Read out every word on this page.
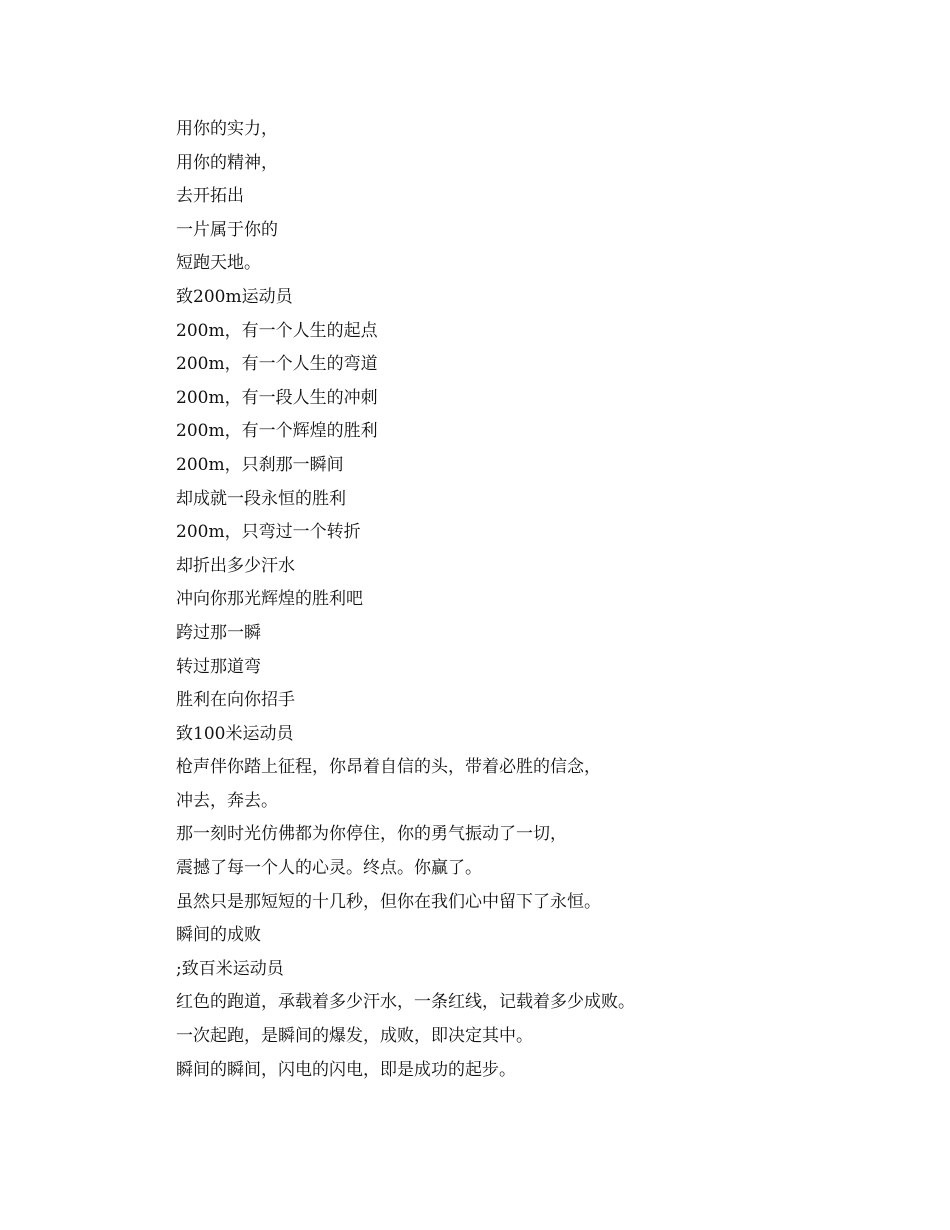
用你的实力，
用你的精神，
去开拓出
一片属于你的
短跑天地。
致200m运动员
200m，有一个人生的起点
200m，有一个人生的弯道
200m，有一段人生的冲刺
200m，有一个辉煌的胜利
200m，只刹那一瞬间
却成就一段永恒的胜利
200m，只弯过一个转折
却折出多少汗水
冲向你那光辉煌的胜利吧
跨过那一瞬
转过那道弯
胜利在向你招手
致100米运动员
枪声伴你踏上征程，你昂着自信的头，带着必胜的信念，
冲去，奔去。
那一刻时光仿佛都为你停住，你的勇气振动了一切，
震撼了每一个人的心灵。终点。你赢了。
虽然只是那短短的十几秒，但你在我们心中留下了永恒。
瞬间的成败
;致百米运动员
红色的跑道，承载着多少汗水，一条红线，记载着多少成败。
一次起跑，是瞬间的爆发，成败，即决定其中。
瞬间的瞬间，闪电的闪电，即是成功的起步。
